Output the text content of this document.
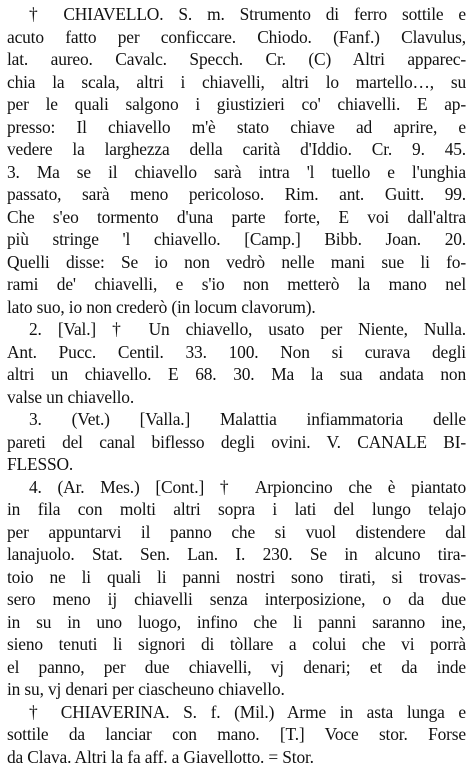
† CHIAVELLO. S. m. Strumento di ferro sottile e
acuto fatto per conficcare. Chiodo. (Fanf.) Clavulus,
lat. aureo. Cavalc. Specch. Cr. (C) Altri apparec-
chia la scala, altri i chiavelli, altri lo martello…, su
per le quali salgono i giustizieri co' chiavelli. E ap-
presso: Il chiavello m'è stato chiave ad aprire, e
vedere la larghezza della carità d'Iddio. Cr. 9. 45.
3. Ma se il chiavello sarà intra 'l tuello e l'unghia
passato, sarà meno pericoloso. Rim. ant. Guitt. 99.
Che s'eo tormento d'una parte forte, E voi dall'altra
più stringe 'l chiavello. [Camp.] Bibb. Joan. 20.
Quelli disse: Se io non vedrò nelle mani sue li fo-
rami de' chiavelli, e s'io non metterò la mano nel
lato suo, io non crederò (in locum clavorum).
2. [Val.] † Un chiavello, usato per Niente, Nulla.
Ant. Pucc. Centil. 33. 100. Non si curava degli
altri un chiavello. E 68. 30. Ma la sua andata non
valse un chiavello.
3. (Vet.) [Valla.] Malattia infiammatoria delle
pareti del canal biflesso degli ovini. V. CANALE BI-
FLESSO.
4. (Ar. Mes.) [Cont.] † Arpioncino che è piantato
in fila con molti altri sopra i lati del lungo telajo
per appuntarvi il panno che si vuol distendere dal
lanajuolo. Stat. Sen. Lan. I. 230. Se in alcuno tira-
toio ne li quali li panni nostri sono tirati, si trovas-
sero meno ij chiavelli senza interposizione, o da due
in su in uno luogo, infino che li panni saranno ine,
sieno tenuti li signori di tòllare a colui che vi porrà
el panno, per due chiavelli, vj denari; et da inde
in su, vj denari per ciascheuno chiavello.
† CHIAVERINA. S. f. (Mil.) Arme in asta lunga e
sottile da lanciar con mano. [T.] Voce stor. Forse
da Clava. Altri la fa aff. a Giavellotto. = Stor.
